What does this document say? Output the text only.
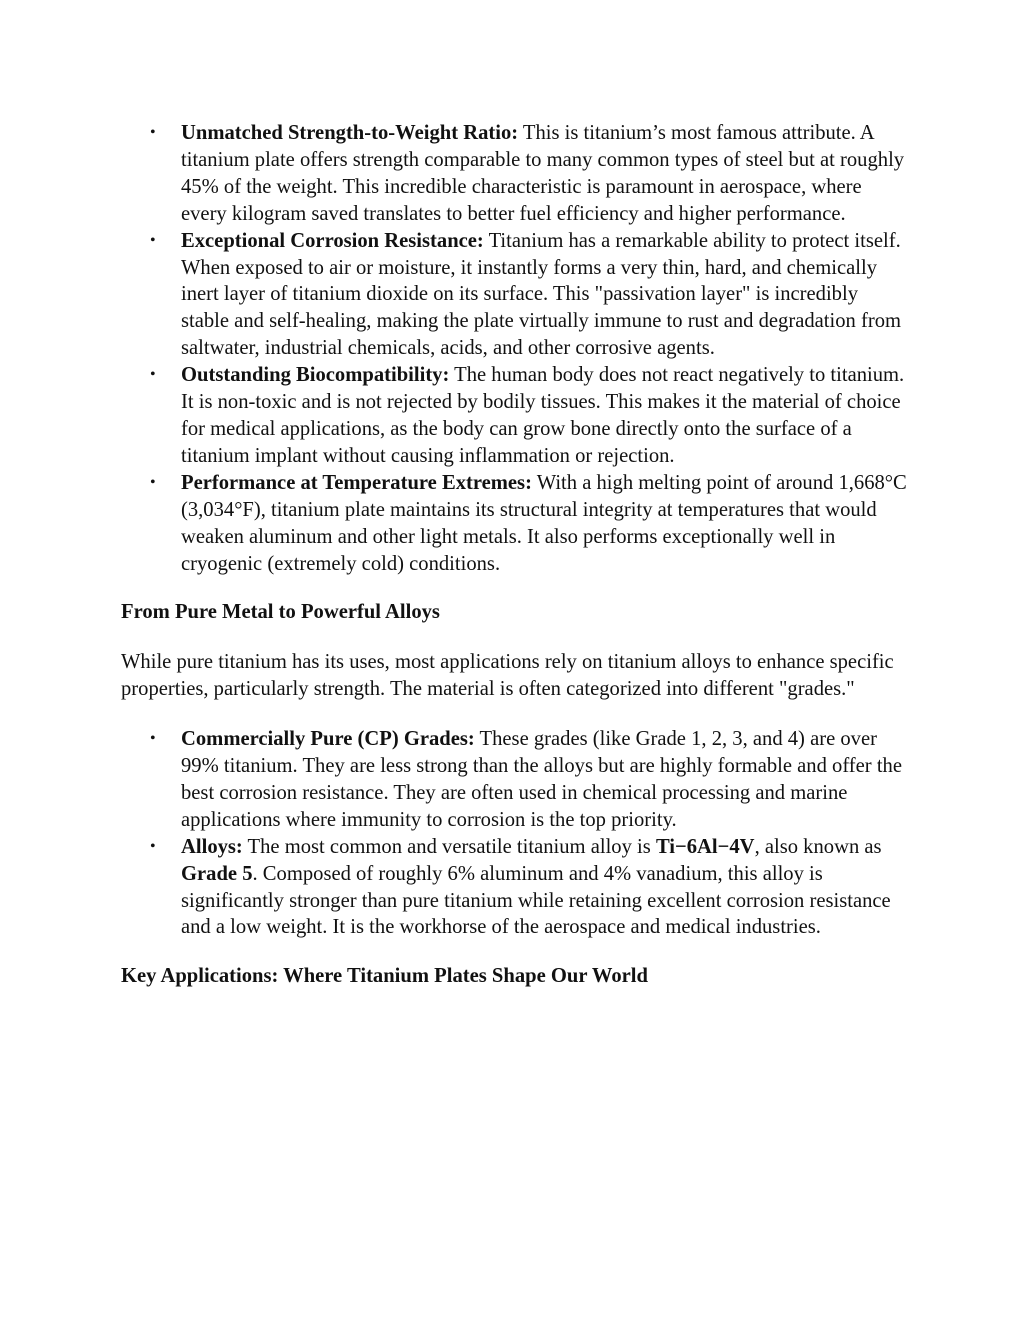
• Unmatched Strength-to-Weight Ratio: This is titanium’s most famous attribute. A titanium plate offers strength comparable to many common types of steel but at roughly 45% of the weight. This incredible characteristic is paramount in aerospace, where every kilogram saved translates to better fuel efficiency and higher performance.
• Exceptional Corrosion Resistance: Titanium has a remarkable ability to protect itself. When exposed to air or moisture, it instantly forms a very thin, hard, and chemically inert layer of titanium dioxide on its surface. This "passivation layer" is incredibly stable and self-healing, making the plate virtually immune to rust and degradation from saltwater, industrial chemicals, acids, and other corrosive agents.
• Outstanding Biocompatibility: The human body does not react negatively to titanium. It is non-toxic and is not rejected by bodily tissues. This makes it the material of choice for medical applications, as the body can grow bone directly onto the surface of a titanium implant without causing inflammation or rejection.
• Performance at Temperature Extremes: With a high melting point of around 1,668°C (3,034°F), titanium plate maintains its structural integrity at temperatures that would weaken aluminum and other light metals. It also performs exceptionally well in cryogenic (extremely cold) conditions.
From Pure Metal to Powerful Alloys

While pure titanium has its uses, most applications rely on titanium alloys to enhance specific properties, particularly strength. The material is often categorized into different "grades."

• Commercially Pure (CP) Grades: These grades (like Grade 1, 2, 3, and 4) are over 99% titanium. They are less strong than the alloys but are highly formable and offer the best corrosion resistance. They are often used in chemical processing and marine applications where immunity to corrosion is the top priority.
• Alloys: The most common and versatile titanium alloy is Ti−6Al−4V, also known as Grade 5. Composed of roughly 6% aluminum and 4% vanadium, this alloy is significantly stronger than pure titanium while retaining excellent corrosion resistance and a low weight. It is the workhorse of the aerospace and medical industries.
Key Applications: Where Titanium Plates Shape Our World
